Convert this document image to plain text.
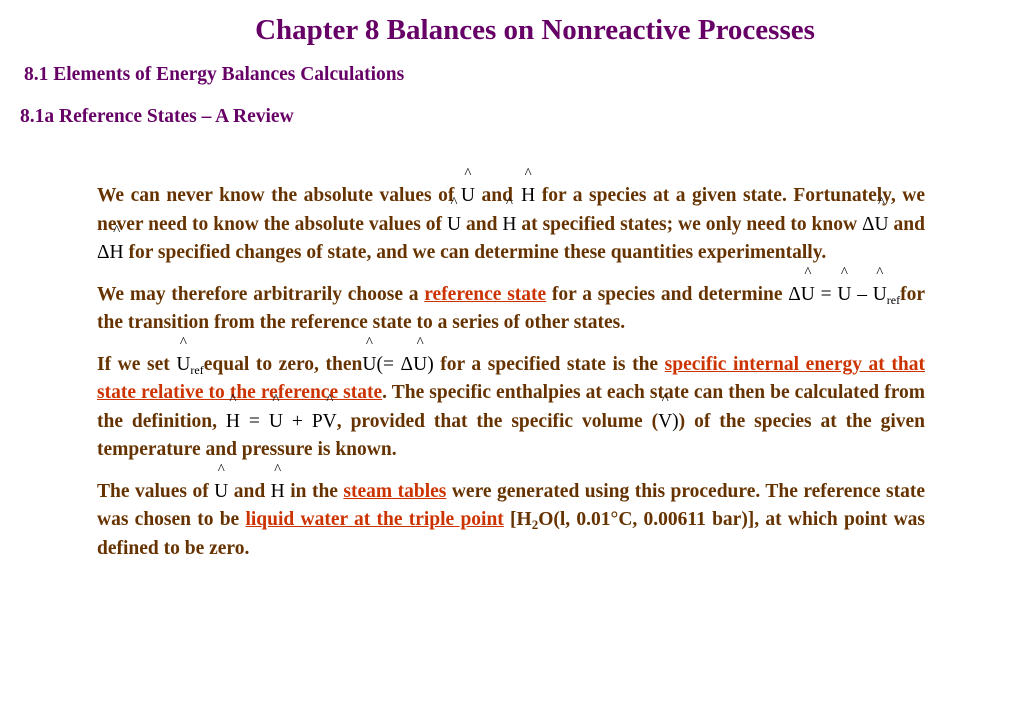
Chapter 8 Balances on Nonreactive Processes
8.1 Elements of Energy Balances Calculations
8.1a Reference States – A Review

We can never know the absolute values of ^ U and  ^ H for a species at a given state. Fortunately, we never need to know the absolute values of ^ U and ^ H at specified states; we only need to know Δ^ U and Δ^ H for specified changes of state, and we can determine these quantities experimentally.

We may therefore arbitrarily choose a reference state for a species and determine Δ^ U = ^ U – ^ $U_{ref}for$ the transition from the reference state to a series of other states.

If we set ^ $U_{ref}equal$ to zero, then^ U(= Δ^ U) for a specified state is the specific internal energy at that state relative to the reference state. The specific enthalpies at each state can then be calculated from the definition, ^ H = ^ U + P^ V, provided that the specific volume (^ V)) of the species at the given temperature and pressure is known.

The values of ^ U and ^ H in the steam tables were generated using this procedure. The reference state was chosen to be liquid water at the triple point [$H_2O(l$, 0.01°C, 0.00611 bar)], at which point was defined to be zero.
